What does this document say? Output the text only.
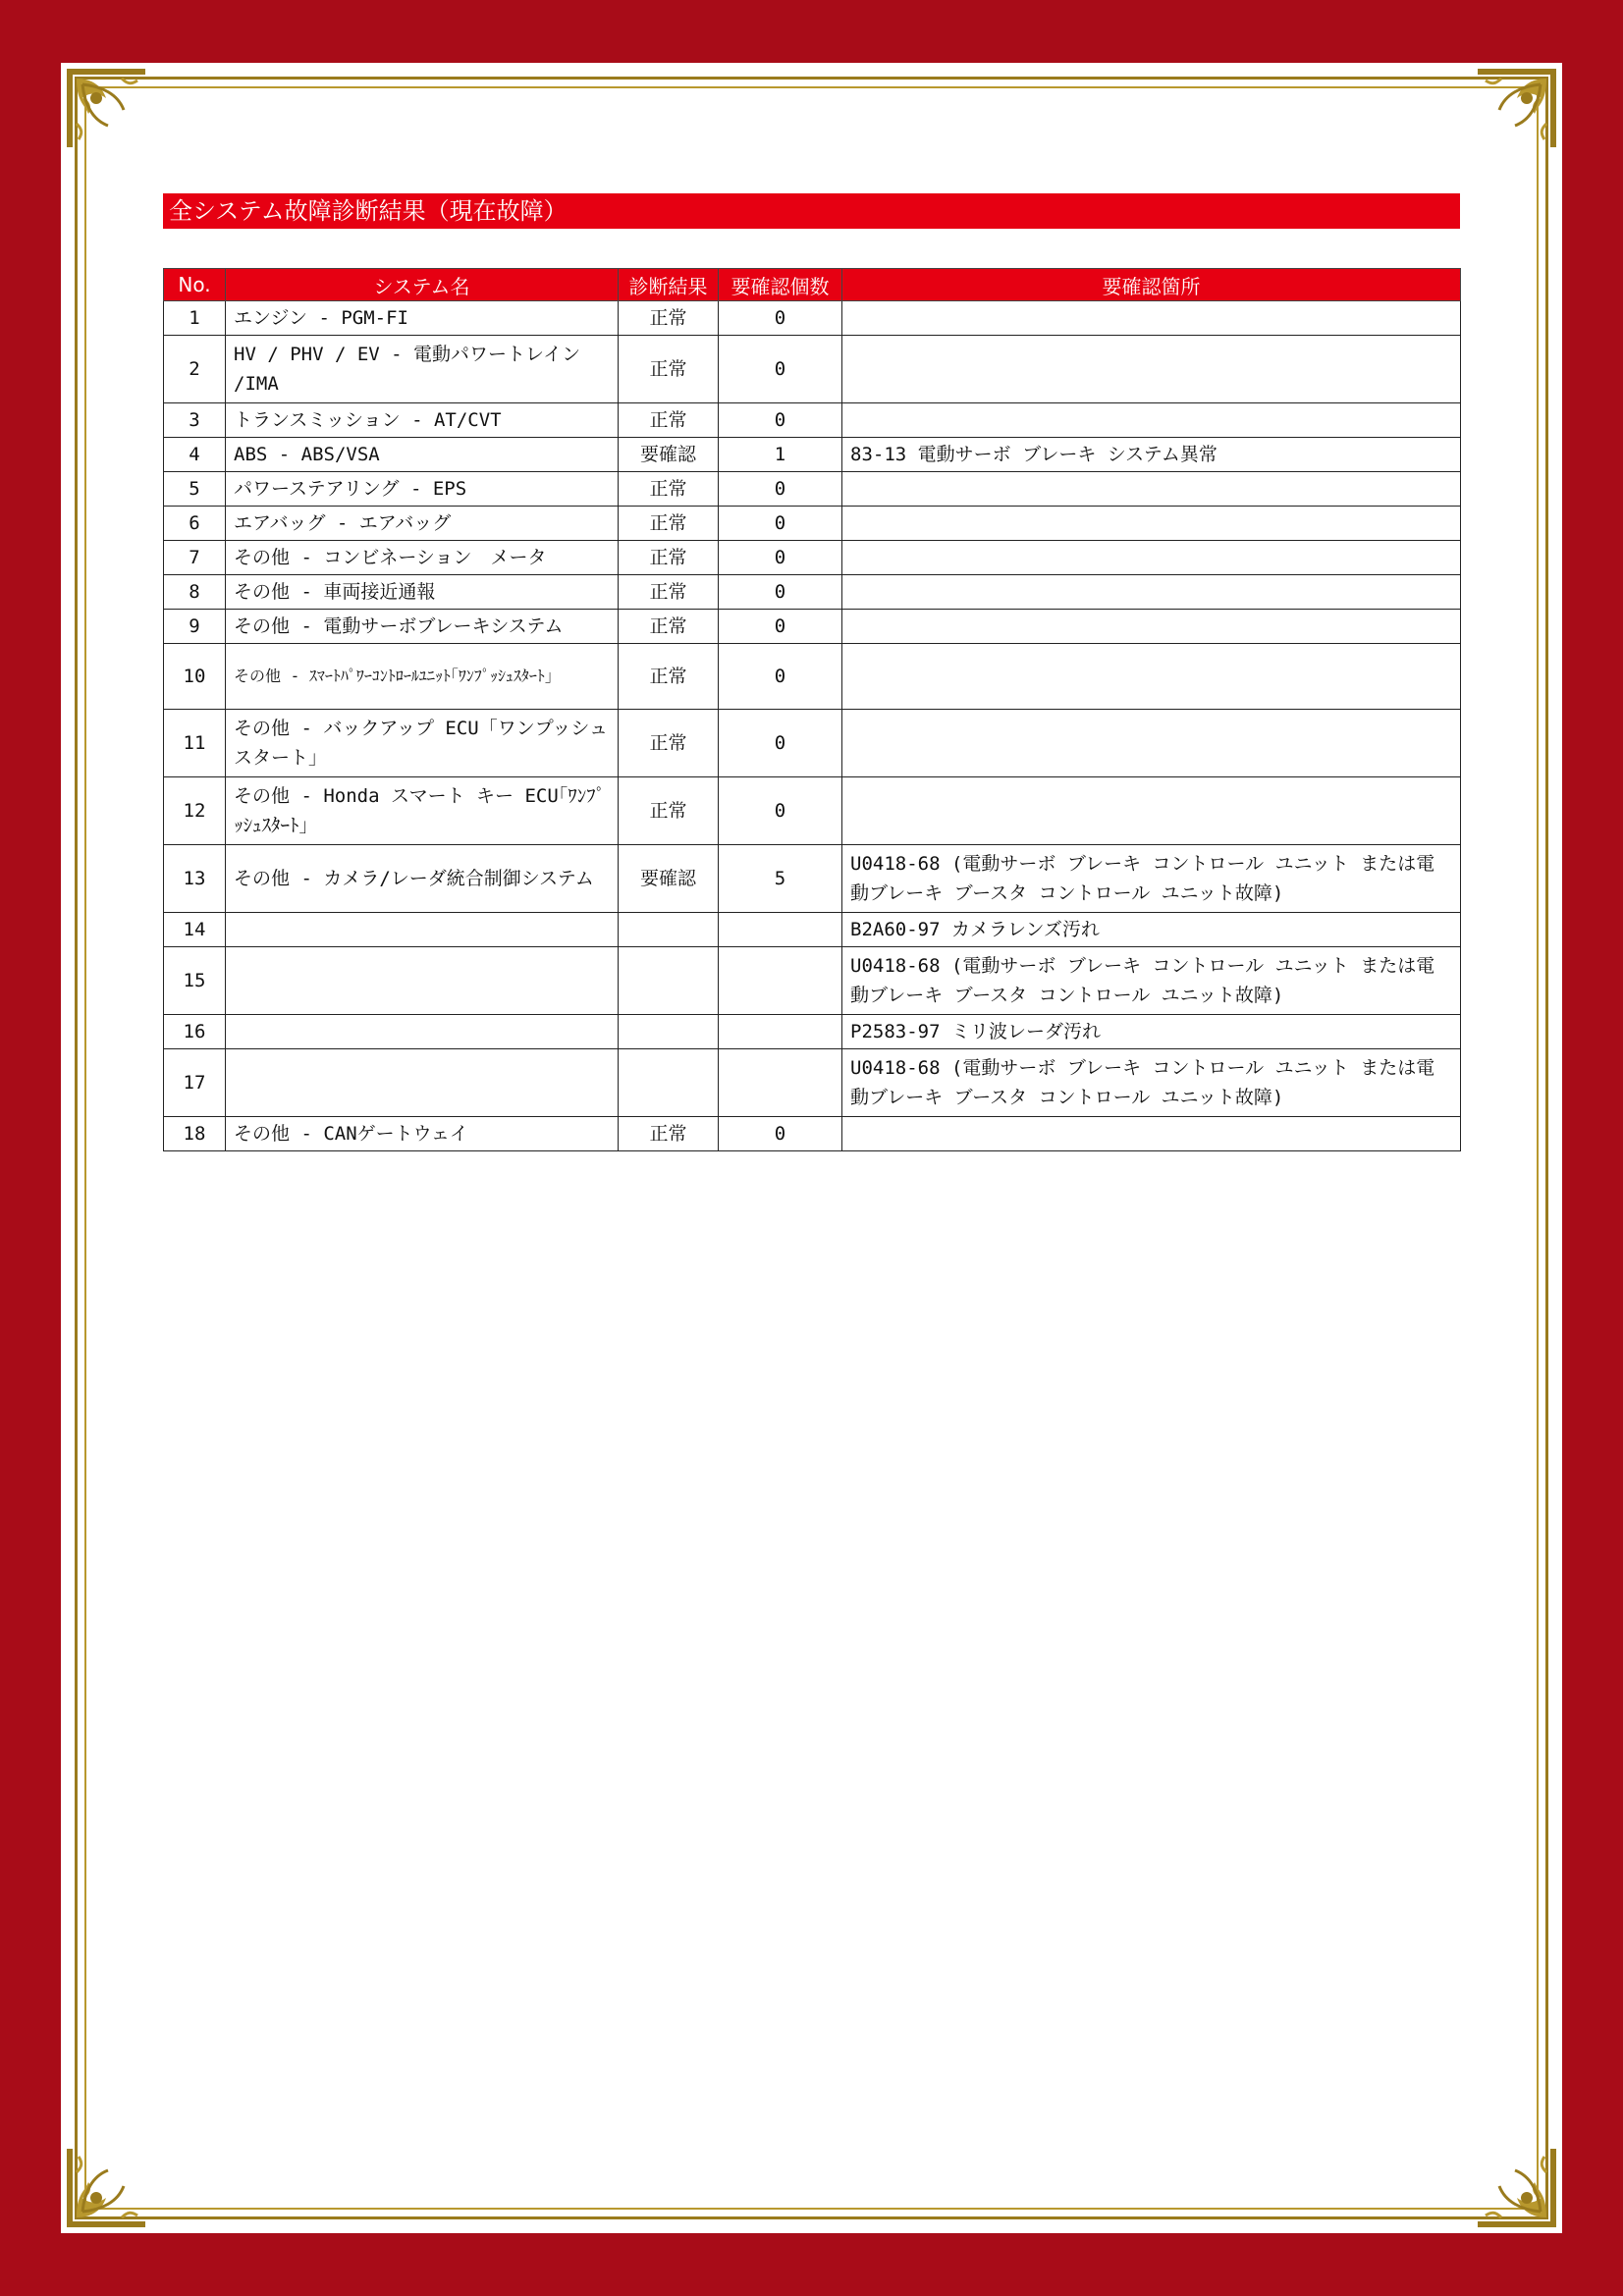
全システム故障診断結果（現在故障）
No.	システム名	診断結果	要確認個数	要確認箇所
1	エンジン - PGM-FI	正常	0	
2	HV / PHV / EV - 電動パワートレイン /IMA	正常	0	
3	トランスミッション - AT/CVT	正常	0	
4	ABS - ABS/VSA	要確認	1	83-13 電動サーボ ブレーキ システム異常
5	パワーステアリング - EPS	正常	0	
6	エアバッグ - エアバッグ	正常	0	
7	その他 - コンビネーション　メータ	正常	0	
8	その他 - 車両接近通報	正常	0	
9	その他 - 電動サーボブレーキシステム	正常	0	
10	その他 - ｽﾏｰﾄﾊﾟﾜｰｺﾝﾄﾛｰﾙﾕﾆｯﾄ｢ﾜﾝﾌﾟｯｼｭｽﾀｰﾄ｣	正常	0	
11	その他 - バックアップ ECU「ワンプッシュスタート」	正常	0	
12	その他 - Honda スマート キー ECU｢ﾜﾝﾌﾟｯｼｭｽﾀｰﾄ｣	正常	0	
13	その他 - カメラ/レーダ統合制御システム	要確認	5	U0418-68 (電動サーボ ブレーキ コントロール ユニット または電動ブレーキ ブースタ コントロール ユニット故障)
14				B2A60-97 カメラレンズ汚れ
15				U0418-68 (電動サーボ ブレーキ コントロール ユニット または電動ブレーキ ブースタ コントロール ユニット故障)
16				P2583-97 ミリ波レーダ汚れ
17				U0418-68 (電動サーボ ブレーキ コントロール ユニット または電動ブレーキ ブースタ コントロール ユニット故障)
18	その他 - CANゲートウェイ	正常	0	
